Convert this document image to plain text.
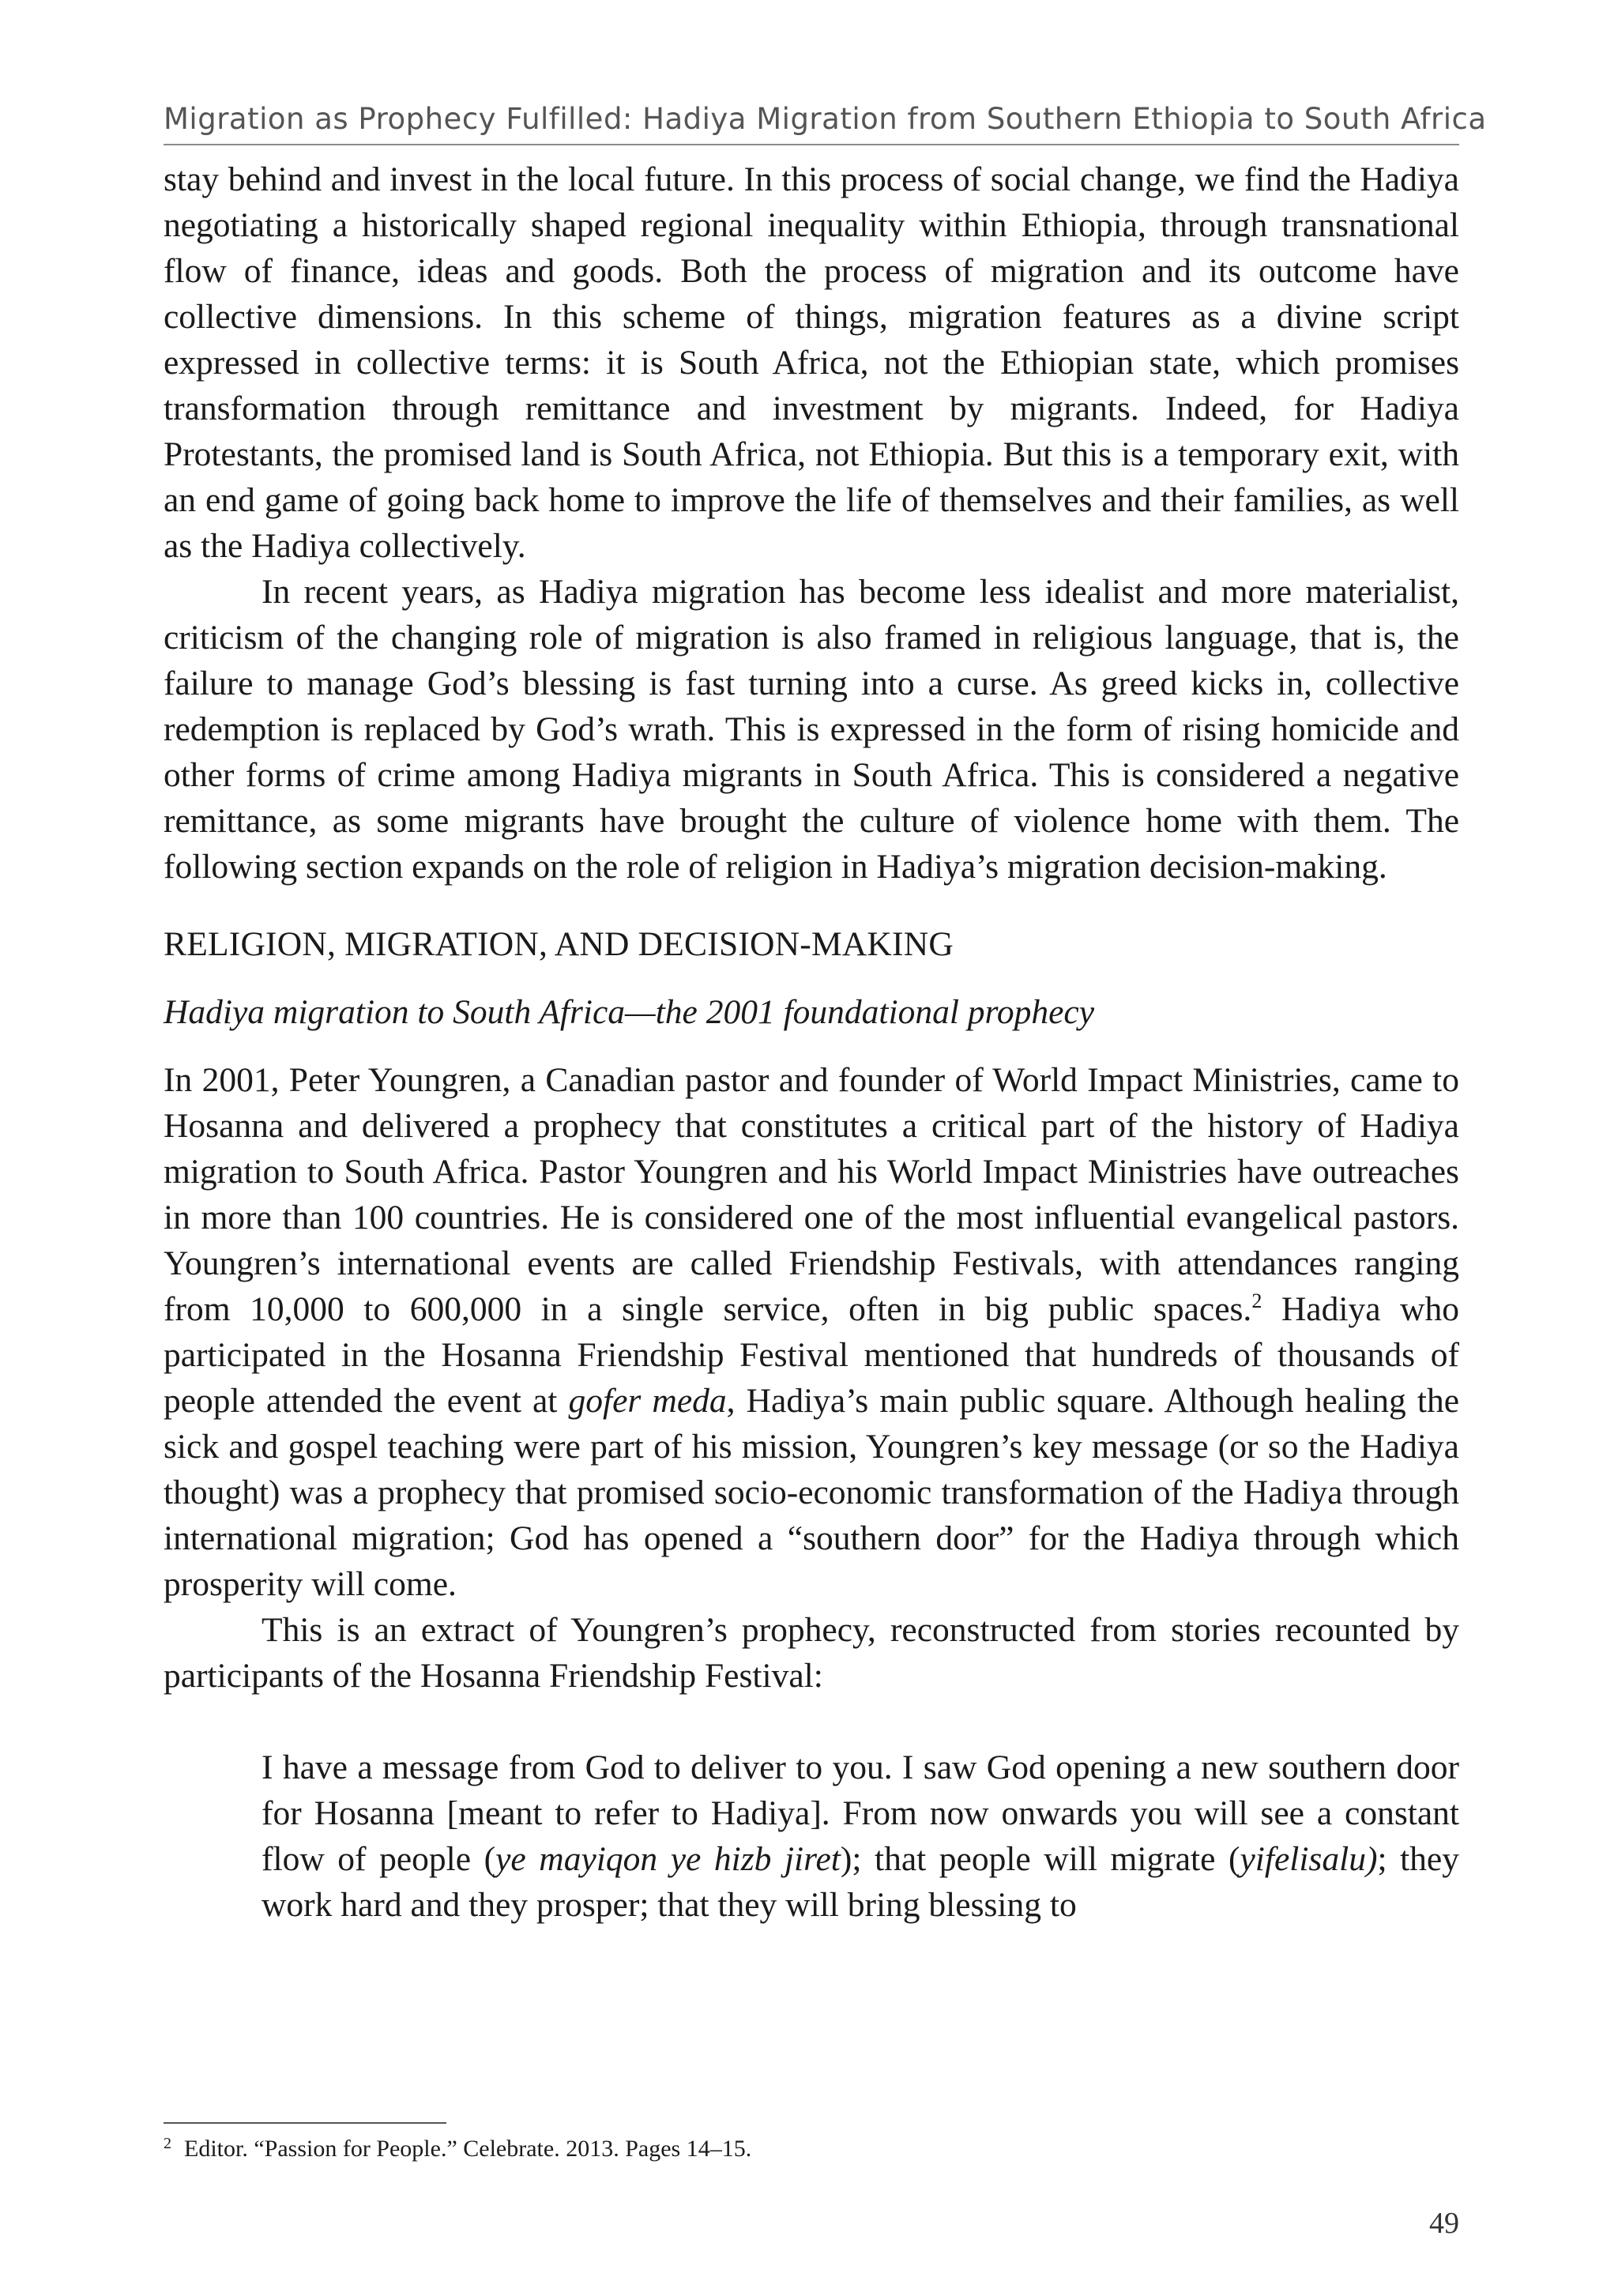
Migration as Prophecy Fulfilled: Hadiya Migration from Southern Ethiopia to South Africa

stay behind and invest in the local future. In this process of social change, we find the Hadiya negotiating a historically shaped regional inequality within Ethiopia, through transnational flow of finance, ideas and goods. Both the process of migration and its outcome have collective dimensions. In this scheme of things, migration features as a divine script expressed in collective terms: it is South Africa, not the Ethiopian state, which promises transformation through remittance and investment by migrants. Indeed, for Hadiya Protestants, the promised land is South Africa, not Ethiopia. But this is a temporary exit, with an end game of going back home to improve the life of themselves and their families, as well as the Hadiya collectively.

In recent years, as Hadiya migration has become less idealist and more materialist, criticism of the changing role of migration is also framed in religious language, that is, the failure to manage God’s blessing is fast turning into a curse. As greed kicks in, collective redemption is replaced by God’s wrath. This is expressed in the form of rising homicide and other forms of crime among Hadiya migrants in South Africa. This is considered a negative remittance, as some migrants have brought the culture of violence home with them. The following section expands on the role of religion in Hadiya’s migration decision-making.

RELIGION, MIGRATION, AND DECISION-MAKING

Hadiya migration to South Africa—the 2001 foundational prophecy

In 2001, Peter Youngren, a Canadian pastor and founder of World Impact Ministries, came to Hosanna and delivered a prophecy that constitutes a critical part of the history of Hadiya migration to South Africa. Pastor Youngren and his World Impact Ministries have outreaches in more than 100 countries. He is considered one of the most influential evangelical pastors. Youngren’s international events are called Friendship Festivals, with attendances ranging from 10,000 to 600,000 in a single service, often in big public spaces.$^2$ Hadiya who participated in the Hosanna Friendship Festival mentioned that hundreds of thousands of people attended the event at gofer meda, Hadiya’s main public square. Although healing the sick and gospel teaching were part of his mission, Youngren’s key message (or so the Hadiya thought) was a prophecy that promised socio-economic transformation of the Hadiya through international migration; God has opened a “southern door” for the Hadiya through which prosperity will come.

This is an extract of Youngren’s prophecy, reconstructed from stories recounted by participants of the Hosanna Friendship Festival:

I have a message from God to deliver to you. I saw God opening a new southern door for Hosanna [meant to refer to Hadiya]. From now onwards you will see a constant flow of people (ye mayiqon ye hizb jiret); that people will migrate (yifelisalu); they work hard and they prosper; that they will bring blessing to

$^2$ Editor. “Passion for People.” Celebrate. 2013. Pages 14–15.
49
